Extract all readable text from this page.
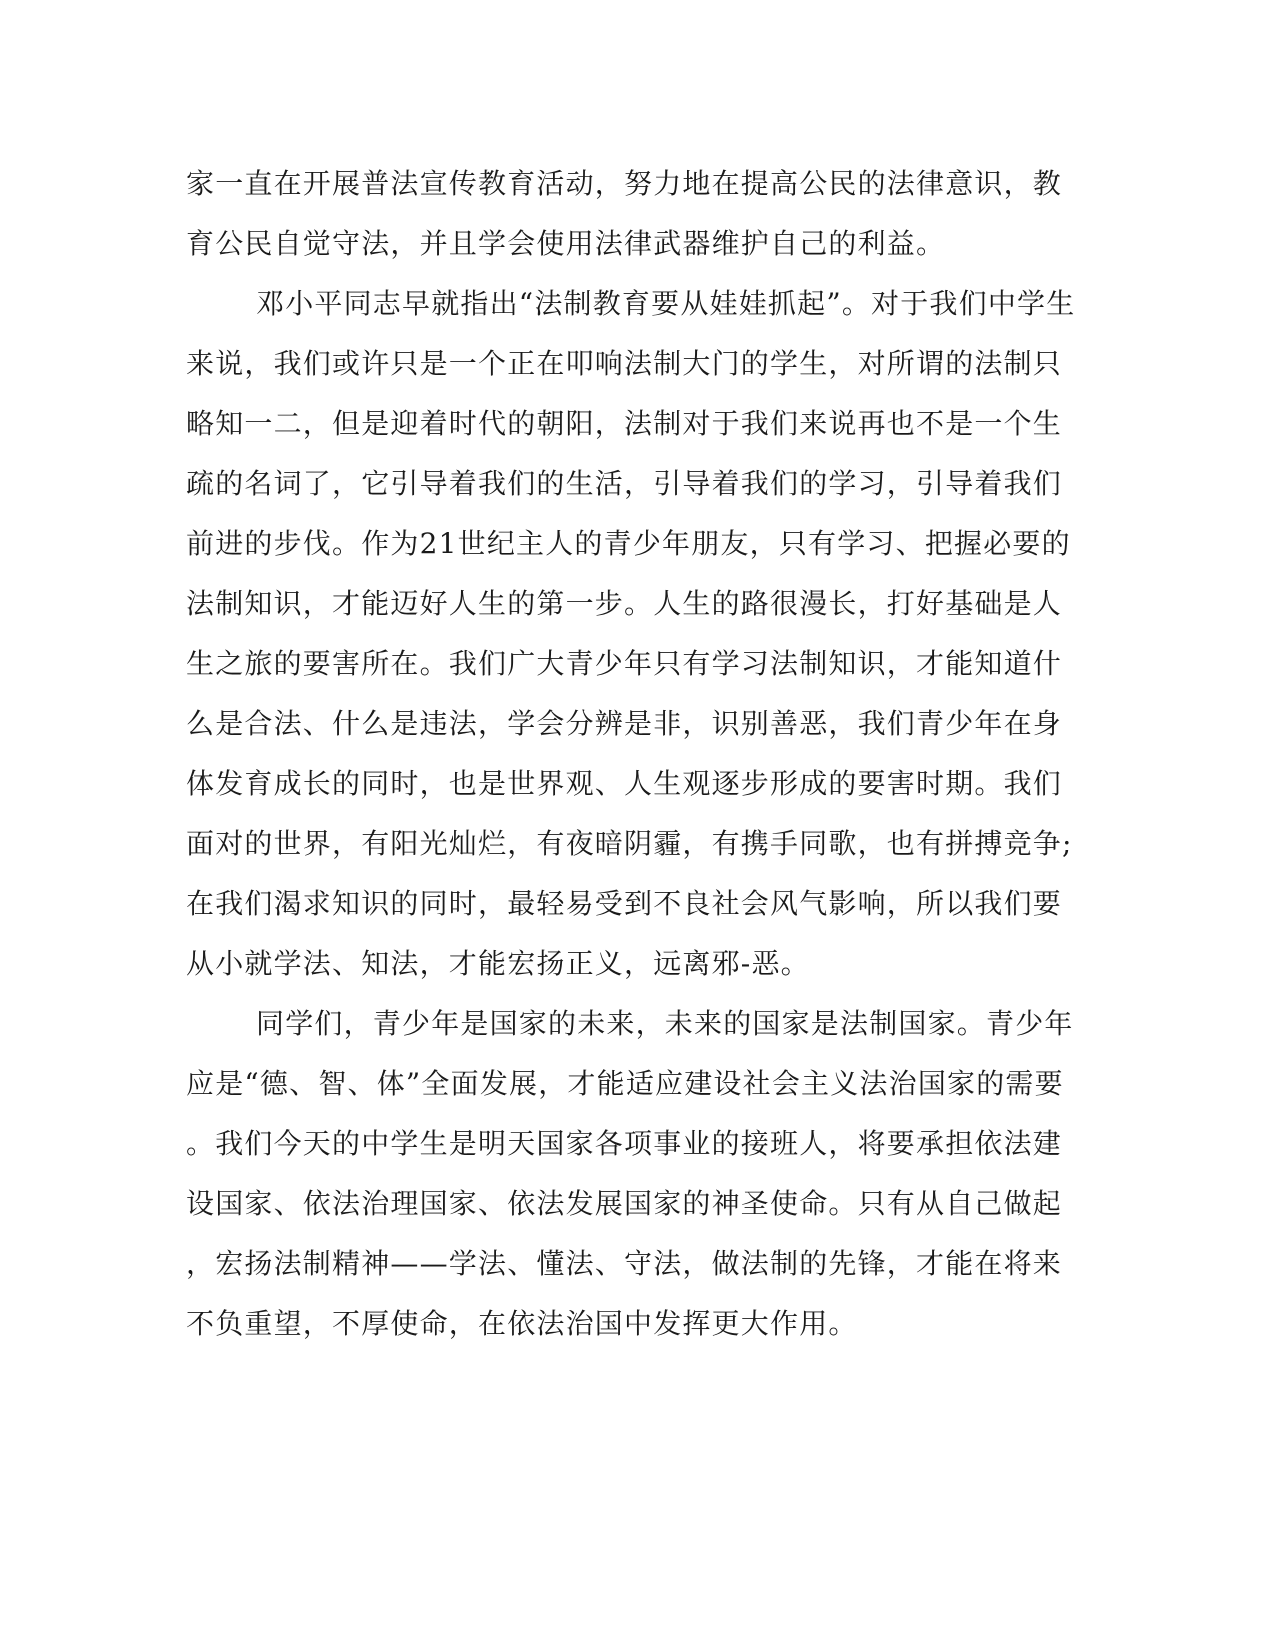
家一直在开展普法宣传教育活动，努力地在提高公民的法律意识，教
育公民自觉守法，并且学会使用法律武器维护自己的利益。
邓小平同志早就指出“法制教育要从娃娃抓起”。对于我们中学生
来说，我们或许只是一个正在叩响法制大门的学生，对所谓的法制只
略知一二，但是迎着时代的朝阳，法制对于我们来说再也不是一个生
疏的名词了，它引导着我们的生活，引导着我们的学习，引导着我们
前进的步伐。作为21世纪主人的青少年朋友，只有学习、把握必要的
法制知识，才能迈好人生的第一步。人生的路很漫长，打好基础是人
生之旅的要害所在。我们广大青少年只有学习法制知识，才能知道什
么是合法、什么是违法，学会分辨是非，识别善恶，我们青少年在身
体发育成长的同时，也是世界观、人生观逐步形成的要害时期。我们
面对的世界，有阳光灿烂，有夜暗阴霾，有携手同歌，也有拼搏竞争;
在我们渴求知识的同时，最轻易受到不良社会风气影响，所以我们要
从小就学法、知法，才能宏扬正义，远离邪-恶。
同学们，青少年是国家的未来，未来的国家是法制国家。青少年
应是“德、智、体”全面发展，才能适应建设社会主义法治国家的需要
。我们今天的中学生是明天国家各项事业的接班人，将要承担依法建
设国家、依法治理国家、依法发展国家的神圣使命。只有从自己做起
，宏扬法制精神——学法、懂法、守法，做法制的先锋，才能在将来
不负重望，不厚使命，在依法治国中发挥更大作用。
